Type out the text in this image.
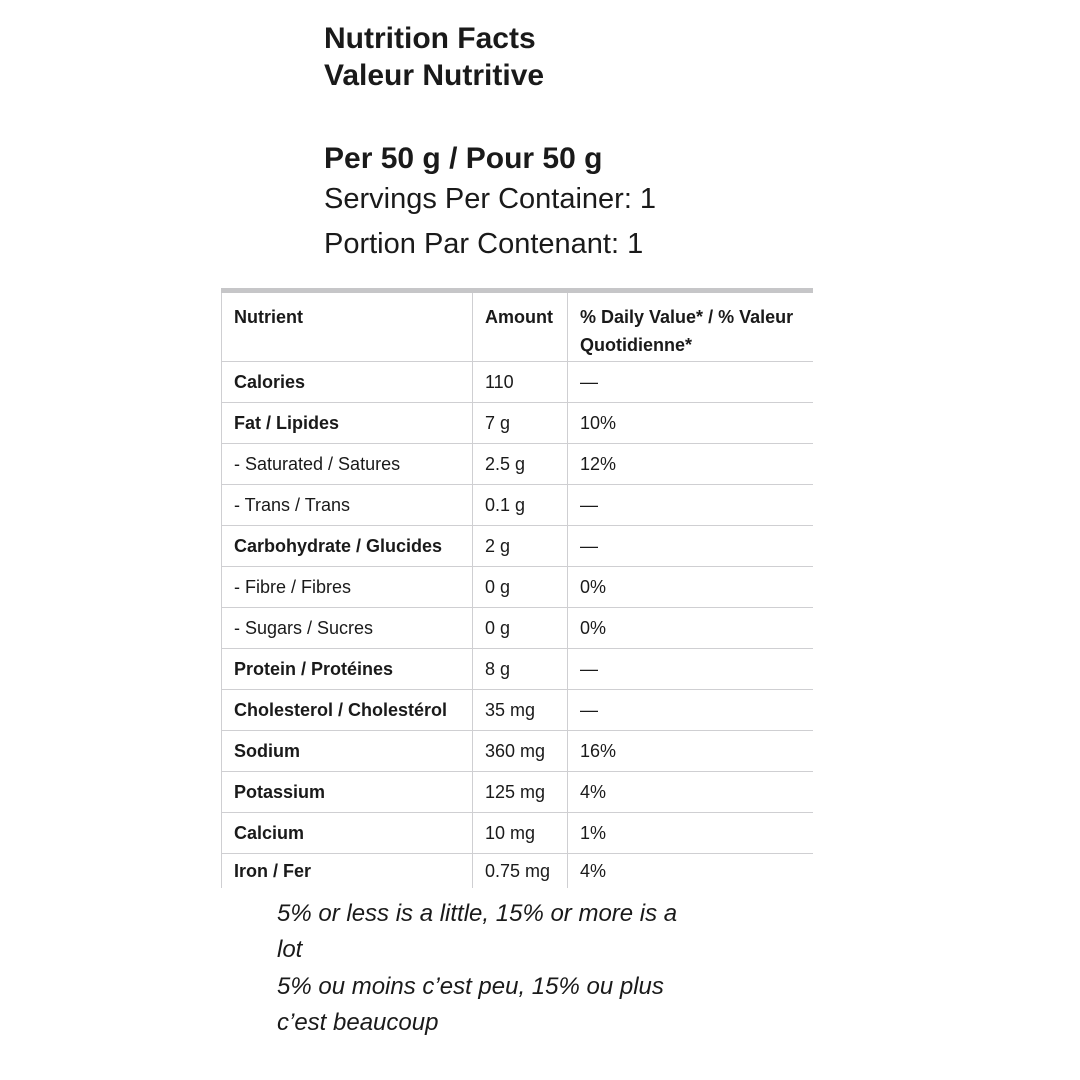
Nutrition Facts
Valeur Nutritive
Per 50 g / Pour 50 g
Servings Per Container: 1
Portion Par Contenant: 1
Nutrient	Amount	% Daily Value* / % Valeur Quotidienne*
Calories	110	—
Fat / Lipides	7 g	10%
- Saturated / Satures	2.5 g	12%
- Trans / Trans	0.1 g	—
Carbohydrate / Glucides	2 g	—
- Fibre / Fibres	0 g	0%
- Sugars / Sucres	0 g	0%
Protein / Protéines	8 g	—
Cholesterol / Cholestérol	35 mg	—
Sodium	360 mg	16%
Potassium	125 mg	4%
Calcium	10 mg	1%
Iron / Fer	0.75 mg	4%
5% or less is a little, 15% or more is a lot
5% ou moins c’est peu, 15% ou plus c’est beaucoup
